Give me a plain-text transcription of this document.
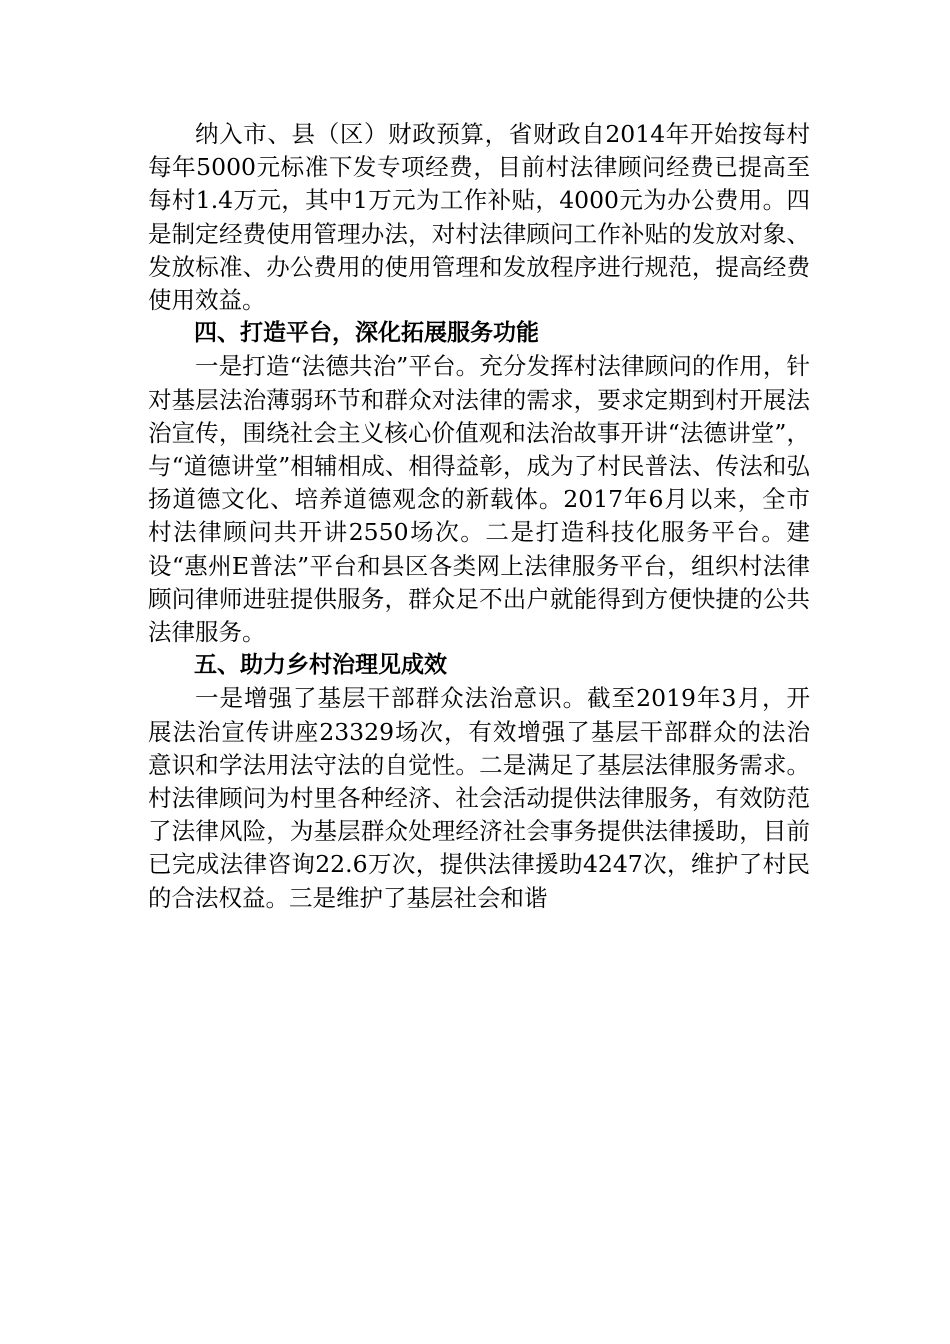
纳入市、县（区）财政预算，省财政自2014年开始按每村每年5000元标准下发专项经费，目前村法律顾问经费已提高至每村1.4万元，其中1万元为工作补贴，4000元为办公费用。四是制定经费使用管理办法，对村法律顾问工作补贴的发放对象、发放标准、办公费用的使用管理和发放程序进行规范，提高经费使用效益。

四、打造平台，深化拓展服务功能

一是打造“法德共治”平台。充分发挥村法律顾问的作用，针对基层法治薄弱环节和群众对法律的需求，要求定期到村开展法治宣传，围绕社会主义核心价值观和法治故事开讲“法德讲堂”，与“道德讲堂”相辅相成、相得益彰，成为了村民普法、传法和弘扬道德文化、培养道德观念的新载体。2017年6月以来，全市村法律顾问共开讲2550场次。二是打造科技化服务平台。建设“惠州E普法”平台和县区各类网上法律服务平台，组织村法律顾问律师进驻提供服务，群众足不出户就能得到方便快捷的公共法律服务。

五、助力乡村治理见成效

一是增强了基层干部群众法治意识。截至2019年3月，开展法治宣传讲座23329场次，有效增强了基层干部群众的法治意识和学法用法守法的自觉性。二是满足了基层法律服务需求。村法律顾问为村里各种经济、社会活动提供法律服务，有效防范了法律风险，为基层群众处理经济社会事务提供法律援助，目前已完成法律咨询22.6万次，提供法律援助4247次，维护了村民的合法权益。三是维护了基层社会和谐
